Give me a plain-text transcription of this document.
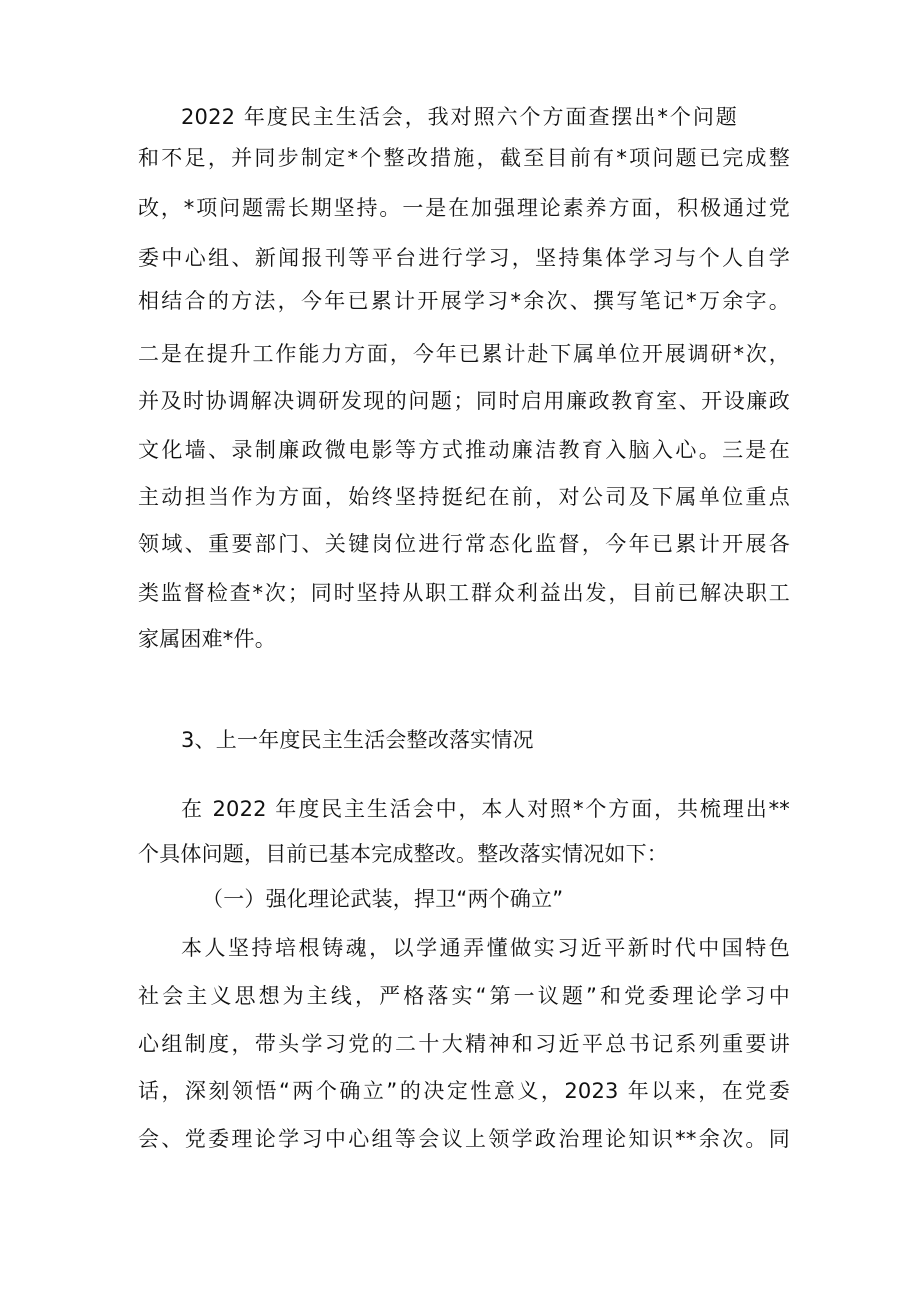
2022 年度民主生活会，我对照六个方面查摆出*个问题
和不足，并同步制定*个整改措施，截至目前有*项问题已完成整
改，*项问题需长期坚持。一是在加强理论素养方面，积极通过党
委中心组、新闻报刊等平台进行学习，坚持集体学习与个人自学
相结合的方法，今年已累计开展学习*余次、撰写笔记*万余字。
二是在提升工作能力方面，今年已累计赴下属单位开展调研*次，
并及时协调解决调研发现的问题；同时启用廉政教育室、开设廉政
文化墙、录制廉政微电影等方式推动廉洁教育入脑入心。三是在
主动担当作为方面，始终坚持挺纪在前，对公司及下属单位重点
领域、重要部门、关键岗位进行常态化监督，今年已累计开展各
类监督检查*次；同时坚持从职工群众利益出发，目前已解决职工
家属困难*件。
3、上一年度民主生活会整改落实情况
在 2022 年度民主生活会中，本人对照*个方面，共梳理出**
个具体问题，目前已基本完成整改。整改落实情况如下：
（一）强化理论武装，捍卫“两个确立”
本人坚持培根铸魂，以学通弄懂做实习近平新时代中国特色
社会主义思想为主线，严格落实“第一议题”和党委理论学习中
心组制度，带头学习党的二十大精神和习近平总书记系列重要讲
话，深刻领悟“两个确立”的决定性意义，2023 年以来，在党委
会、党委理论学习中心组等会议上领学政治理论知识**余次。同
